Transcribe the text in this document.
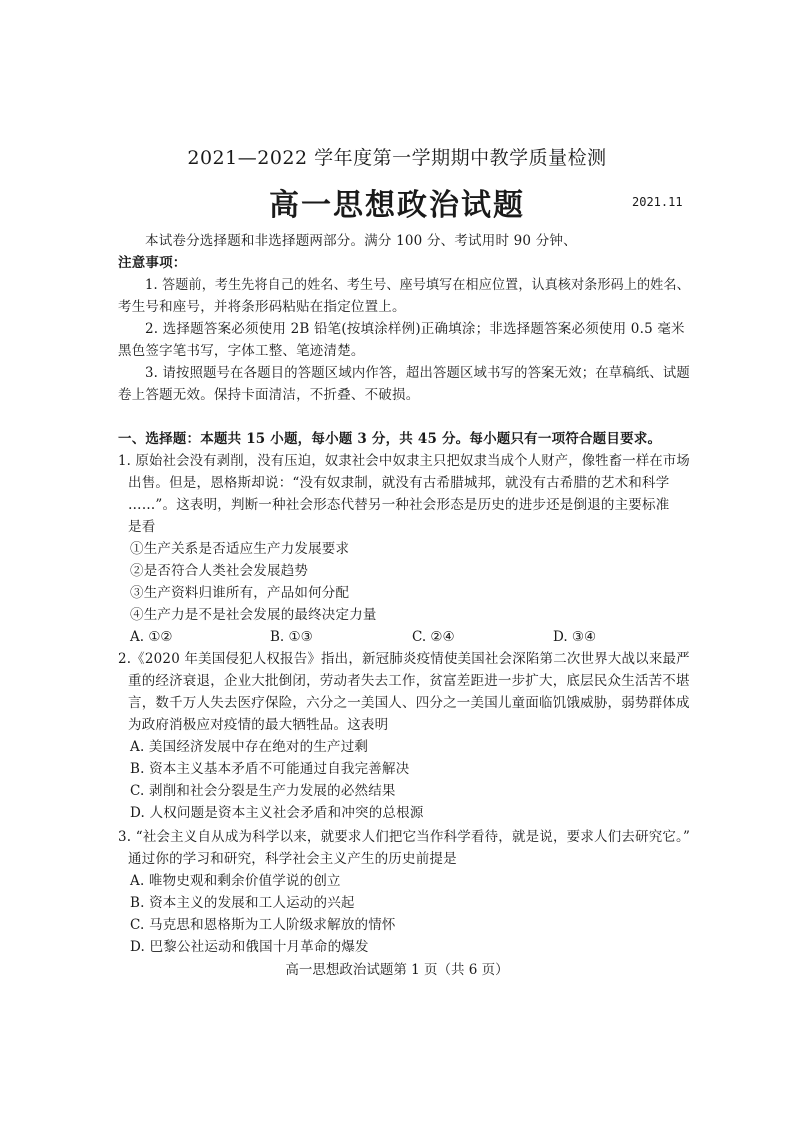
2021—2022 学年度第一学期期中教学质量检测
高一思想政治试题	2021.11
本试卷分选择题和非选择题两部分。满分 100 分、考试用时 90 分钟、
注意事项：
1. 答题前，考生先将自己的姓名、考生号、座号填写在相应位置，认真核对条形码上的姓名、
考生号和座号，并将条形码粘贴在指定位置上。
2. 选择题答案必须使用 2B 铅笔(按填涂样例)正确填涂；非选择题答案必须使用 0.5 毫米
黑色签字笔书写，字体工整、笔迹清楚。
3. 请按照题号在各题目的答题区域内作答，超出答题区域书写的答案无效；在草稿纸、试题
卷上答题无效。保持卡面清洁，不折叠、不破损。
一、选择题：本题共 15 小题，每小题 3 分，共 45 分。每小题只有一项符合题目要求。
1. 原始社会没有剥削，没有压迫，奴隶社会中奴隶主只把奴隶当成个人财产，像牲畜一样在市场
出售。但是，恩格斯却说：“没有奴隶制，就没有古希腊城邦，就没有古希腊的艺术和科学
……”。这表明，判断一种社会形态代替另一种社会形态是历史的进步还是倒退的主要标准
是看
①生产关系是否适应生产力发展要求
②是否符合人类社会发展趋势
③生产资料归谁所有，产品如何分配
④生产力是不是社会发展的最终决定力量
A. ①②	B. ①③	C. ②④	D. ③④
2.《2020 年美国侵犯人权报告》指出，新冠肺炎疫情使美国社会深陷第二次世界大战以来最严
重的经济衰退，企业大批倒闭，劳动者失去工作，贫富差距进一步扩大，底层民众生活苦不堪
言，数千万人失去医疗保险，六分之一美国人、四分之一美国儿童面临饥饿威胁，弱势群体成
为政府消极应对疫情的最大牺牲品。这表明
A. 美国经济发展中存在绝对的生产过剩
B. 资本主义基本矛盾不可能通过自我完善解决
C. 剥削和社会分裂是生产力发展的必然结果
D. 人权问题是资本主义社会矛盾和冲突的总根源
3. “社会主义自从成为科学以来，就要求人们把它当作科学看待，就是说，要求人们去研究它。”
通过你的学习和研究，科学社会主义产生的历史前提是
A. 唯物史观和剩余价值学说的创立
B. 资本主义的发展和工人运动的兴起
C. 马克思和恩格斯为工人阶级求解放的情怀
D. 巴黎公社运动和俄国十月革命的爆发
高一思想政治试题第 1 页（共 6 页）
